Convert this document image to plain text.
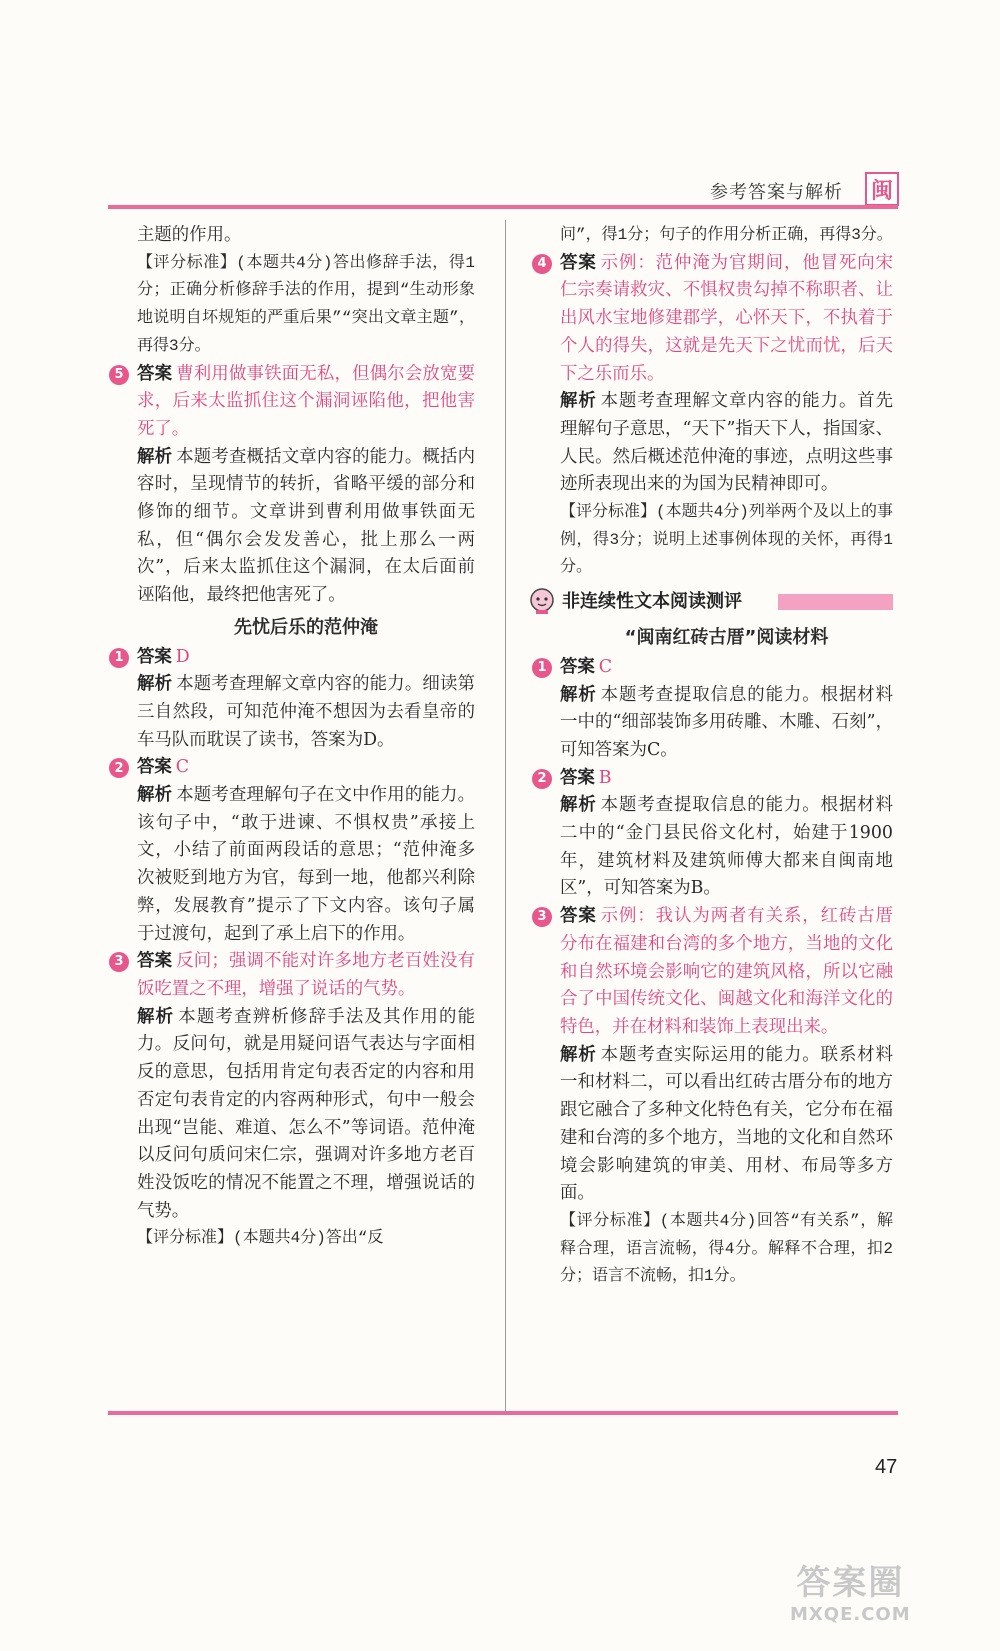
参考答案与解析 闽

主题的作用。

【评分标准】(本题共4分)答出修辞手法，得1分；正确分析修辞手法的作用，提到“生动形象地说明自坏规矩的严重后果”“突出文章主题”，再得3分。

5 答案 曹利用做事铁面无私，但偶尔会放宽要求，后来太监抓住这个漏洞诬陷他，把他害死了。

解析 本题考查概括文章内容的能力。概括内容时，呈现情节的转折，省略平缓的部分和修饰的细节。文章讲到曹利用做事铁面无私，但“偶尔会发发善心，批上那么一两次”，后来太监抓住这个漏洞，在太后面前诬陷他，最终把他害死了。

先忧后乐的范仲淹
1 答案 D

解析 本题考查理解文章内容的能力。细读第三自然段，可知范仲淹不想因为去看皇帝的车马队而耽误了读书，答案为D。

2 答案 C

解析 本题考查理解句子在文中作用的能力。该句子中，“敢于进谏、不惧权贵”承接上文，小结了前面两段话的意思；“范仲淹多次被贬到地方为官，每到一地，他都兴利除弊，发展教育”提示了下文内容。该句子属于过渡句，起到了承上启下的作用。

3 答案 反问；强调不能对许多地方老百姓没有饭吃置之不理，增强了说话的气势。

解析 本题考查辨析修辞手法及其作用的能力。反问句，就是用疑问语气表达与字面相反的意思，包括用肯定句表否定的内容和用否定句表肯定的内容两种形式，句中一般会出现“岂能、难道、怎么不”等词语。范仲淹以反问句质问宋仁宗，强调对许多地方老百姓没饭吃的情况不能置之不理，增强说话的气势。

【评分标准】(本题共4分)答出“反

问”，得1分；句子的作用分析正确，再得3分。

4 答案 示例：范仲淹为官期间，他冒死向宋仁宗奏请救灾、不惧权贵勾掉不称职者、让出风水宝地修建郡学，心怀天下，不执着于个人的得失，这就是先天下之忧而忧，后天下之乐而乐。

解析 本题考查理解文章内容的能力。首先理解句子意思，“天下”指天下人，指国家、人民。然后概述范仲淹的事迹，点明这些事迹所表现出来的为国为民精神即可。

【评分标准】(本题共4分)列举两个及以上的事例，得3分；说明上述事例体现的关怀，再得1分。

非连续性文本阅读测评
“闽南红砖古厝”阅读材料
1 答案 C

解析 本题考查提取信息的能力。根据材料一中的“细部装饰多用砖雕、木雕、石刻”，可知答案为C。

2 答案 B

解析 本题考查提取信息的能力。根据材料二中的“金门县民俗文化村，始建于1900年，建筑材料及建筑师傅大都来自闽南地区”，可知答案为B。

3 答案 示例：我认为两者有关系，红砖古厝分布在福建和台湾的多个地方，当地的文化和自然环境会影响它的建筑风格，所以它融合了中国传统文化、闽越文化和海洋文化的特色，并在材料和装饰上表现出来。

解析 本题考查实际运用的能力。联系材料一和材料二，可以看出红砖古厝分布的地方跟它融合了多种文化特色有关，它分布在福建和台湾的多个地方，当地的文化和自然环境会影响建筑的审美、用材、布局等多方面。

【评分标准】(本题共4分)回答“有关系”，解释合理，语言流畅，得4分。解释不合理，扣2分；语言不流畅，扣1分。

47
答案圈
MXQE.COM
